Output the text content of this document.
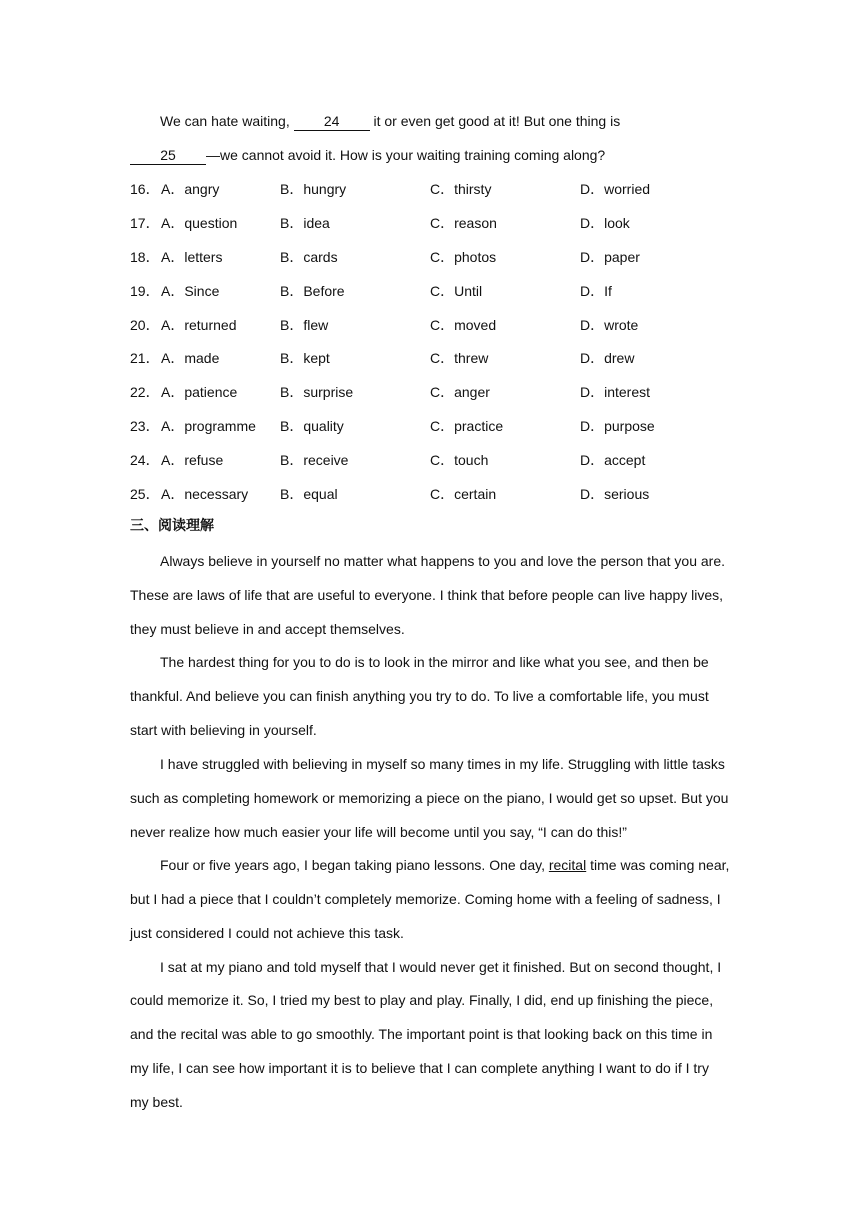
We can hate waiting, 24 it or even get good at it! But one thing is
25 —we cannot avoid it. How is your waiting training coming along?
16． A．angry	B．hungry	C．thirsty	D．worried
17． A．question	B．idea	C．reason	D．look
18． A．letters	B．cards	C．photos	D．paper
19． A．Since	B．Before	C．Until	D．If
20． A．returned	B．flew	C．moved	D．wrote
21． A．made	B．kept	C．threw	D．drew
22． A．patience	B．surprise	C．anger	D．interest
23． A．programme B．quality	C．practice	D．purpose
24． A．refuse	B．receive	C．touch	D．accept
25． A．necessary B．equal	C．certain	D．serious
三、阅读理解
Always believe in yourself no matter what happens to you and love the person that you are.
These are laws of life that are useful to everyone. I think that before people can live happy lives,
they must believe in and accept themselves.
The hardest thing for you to do is to look in the mirror and like what you see, and then be
thankful. And believe you can finish anything you try to do. To live a comfortable life, you must
start with believing in yourself.
I have struggled with believing in myself so many times in my life. Struggling with little tasks
such as completing homework or memorizing a piece on the piano, I would get so upset. But you
never realize how much easier your life will become until you say, “I can do this!”
Four or five years ago, I began taking piano lessons. One day, recital time was coming near,
but I had a piece that I couldn’t completely memorize. Coming home with a feeling of sadness, I
just considered I could not achieve this task.
I sat at my piano and told myself that I would never get it finished. But on second thought, I
could memorize it. So, I tried my best to play and play. Finally, I did, end up finishing the piece,
and the recital was able to go smoothly. The important point is that looking back on this time in
my life, I can see how important it is to believe that I can complete anything I want to do if I try
my best.
